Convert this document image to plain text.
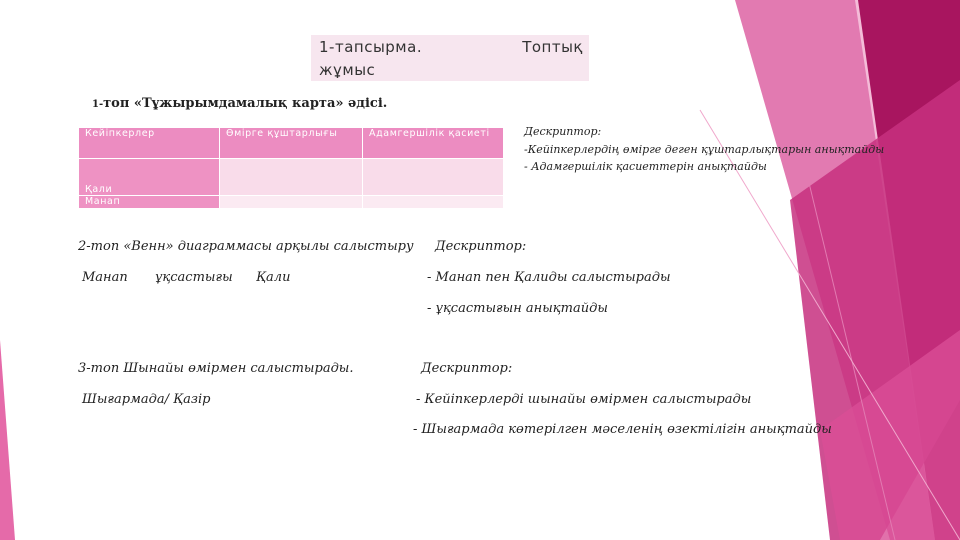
1-тапсырма.	Топтық
жұмыс
1-топ «Тұжырымдамалық карта» әдісі.
Кейіпкерлер	Өмірге құштарлығы	Адамгершілік қасиеті
Қали		
Манап		
Дескриптор:
-Кейіпкерлердің өмірге деген құштарлықтарын анықтайды
- Адамгершілік қасиеттерін анықтайды
2-топ «Венн» диаграммасы арқылы салыстыру Дескриптор:
Манап ұқсастығы Қали	- Манап пен Қалиды салыстырады
- ұқсастығын анықтайды
3-топ Шынайы өмірмен салыстырады.	Дескриптор:
Шығармада/ Қазір	- Кейіпкерлерді шынайы өмірмен салыстырады
- Шығармада көтерілген мәселенің өзектілігін анықтайды
